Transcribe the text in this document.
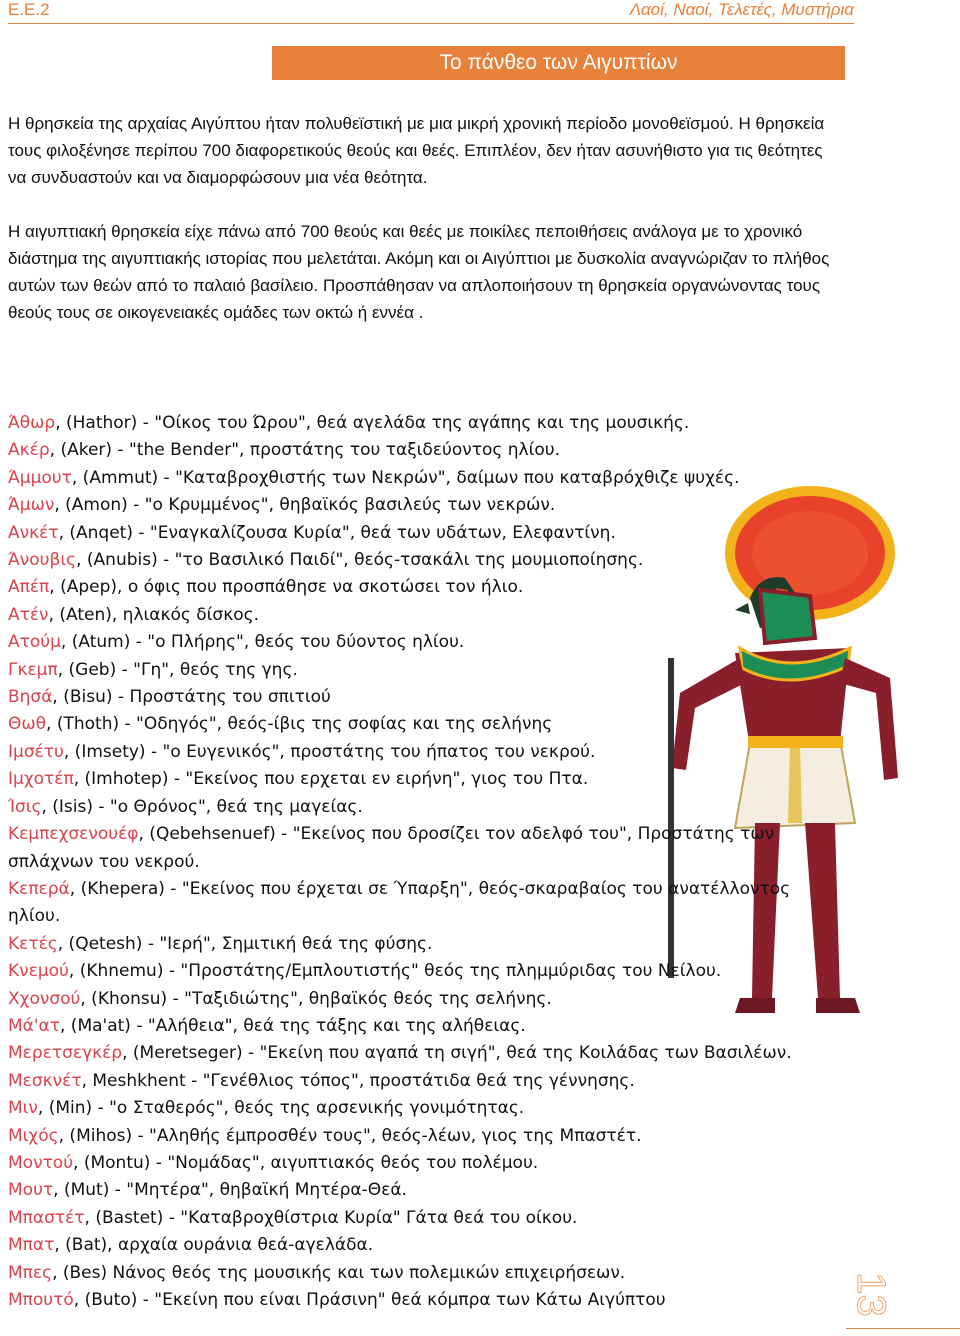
Ε.Ε.2	Λαοί, Ναοί, Τελετές, Μυστήρια
Το πάνθεο των Αιγυπτίων

Η θρησκεία της αρχαίας Αιγύπτου ήταν πολυθεϊστική με μια μικρή χρονική περίοδο μονοθεϊσμού. Η θρησκεία τους φιλοξένησε περίπου 700 διαφορετικούς θεούς και θεές. Επιπλέον, δεν ήταν ασυνήθιστο για τις θεότητες να συνδυαστούν και να διαμορφώσουν μια νέα θεότητα.

Η αιγυπτιακή θρησκεία είχε πάνω από 700 θεούς και θεές με ποικίλες πεποιθήσεις ανάλογα με το χρονικό διάστημα της αιγυπτιακής ιστορίας που μελετάται. Ακόμη και οι Αιγύπτιοι με δυσκολία αναγνώριζαν το πλήθος αυτών των θεών από το παλαιό βασίλειο. Προσπάθησαν να απλοποιήσουν τη θρησκεία οργανώνοντας τους θεούς τους σε οικογενειακές ομάδες των οκτώ ή εννέα .

Άθωρ, (Hathor) - "Οίκος του Ώρου", θεά αγελάδα της αγάπης και της μουσικής.
Ακέρ, (Aker) - "the Bender", προστάτης του ταξιδεύοντος ηλίου.
Άμμουτ, (Ammut) - "Καταβροχθιστής των Νεκρών", δαίμων που καταβρόχθιζε ψυχές.
Άμων, (Amon) - "ο Κρυμμένος", θηβαϊκός βασιλεύς των νεκρών.
Ανκέτ, (Anqet) - "Εναγκαλίζουσα Κυρία", θεά των υδάτων, Ελεφαντίνη.
Άνουβις, (Anubis) - "το Βασιλικό Παιδί", θεός-τσακάλι της μουμιοποίησης.
Απέπ, (Apep), ο όφις που προσπάθησε να σκοτώσει τον ήλιο.
Ατέν, (Aten), ηλιακός δίσκος.
Ατούμ, (Atum) - "ο Πλήρης", θεός του δύοντος ηλίου.
Γκεμπ, (Geb) - "Γη", θεός της γης.
Βησά, (Bisu) - Προστάτης του σπιτιού
Θωθ, (Thoth) - "Οδηγός", θεός-ίβις της σοφίας και της σελήνης
Ιμσέτυ, (Imsety) - "ο Ευγενικός", προστάτης του ήπατος του νεκρού.
Ιμχοτέπ, (Imhotep) - "Εκείνος που ερχεται εν ειρήνη", γιος του Πτα.
Ίσις, (Isis) - "ο Θρόνος", θεά της μαγείας.
Κεμπεχσενουέφ, (Qebehsenuef) - "Εκείνος που δροσίζει τον αδελφό του", Προστάτης των σπλάχνων του νεκρού.
Κεπερά, (Khepera) - "Εκείνος που έρχεται σε Ύπαρξη", θεός-σκαραβαίος του ανατέλλοντος ηλίου.
Κετές, (Qetesh) - "Ιερή", Σημιτική θεά της φύσης.
Κνεμού, (Khnemu) - "Προστάτης/Εμπλουτιστής" θεός της πλημμύριδας του Νείλου.
Χχονσού, (Khonsu) - "Ταξιδιώτης", θηβαϊκός θεός της σελήνης.
Μά'ατ, (Ma'at) - "Αλήθεια", θεά της τάξης και της αλήθειας.
Μερετσεγκέρ, (Meretseger) - "Εκείνη που αγαπά τη σιγή", θεά της Κοιλάδας των Βασιλέων.
Μεσκνέτ, Meshkhent - "Γενέθλιος τόπος", προστάτιδα θεά της γέννησης.
Μιν, (Min) - "ο Σταθερός", θεός της αρσενικής γονιμότητας.
Μιχός, (Mihos) - "Αληθής έμπροσθέν τους", θεός-λέων, γιος της Μπαστέτ.
Μοντού, (Montu) - "Νομάδας", αιγυπτιακός θεός του πολέμου.
Μουτ, (Mut) - "Μητέρα", θηβαϊκή Μητέρα-Θεά.
Μπαστέτ, (Bastet) - "Καταβροχθίστρια Κυρία" Γάτα θεά του οίκου.
Μπατ, (Bat), αρχαία ουράνια θεά-αγελάδα.
Μπες, (Bes) Νάνος θεός της μουσικής και των πολεμικών επιχειρήσεων.
Μπουτό, (Buto) - "Εκείνη που είναι Πράσινη" θεά κόμπρα των Κάτω Αιγύπτου	13
